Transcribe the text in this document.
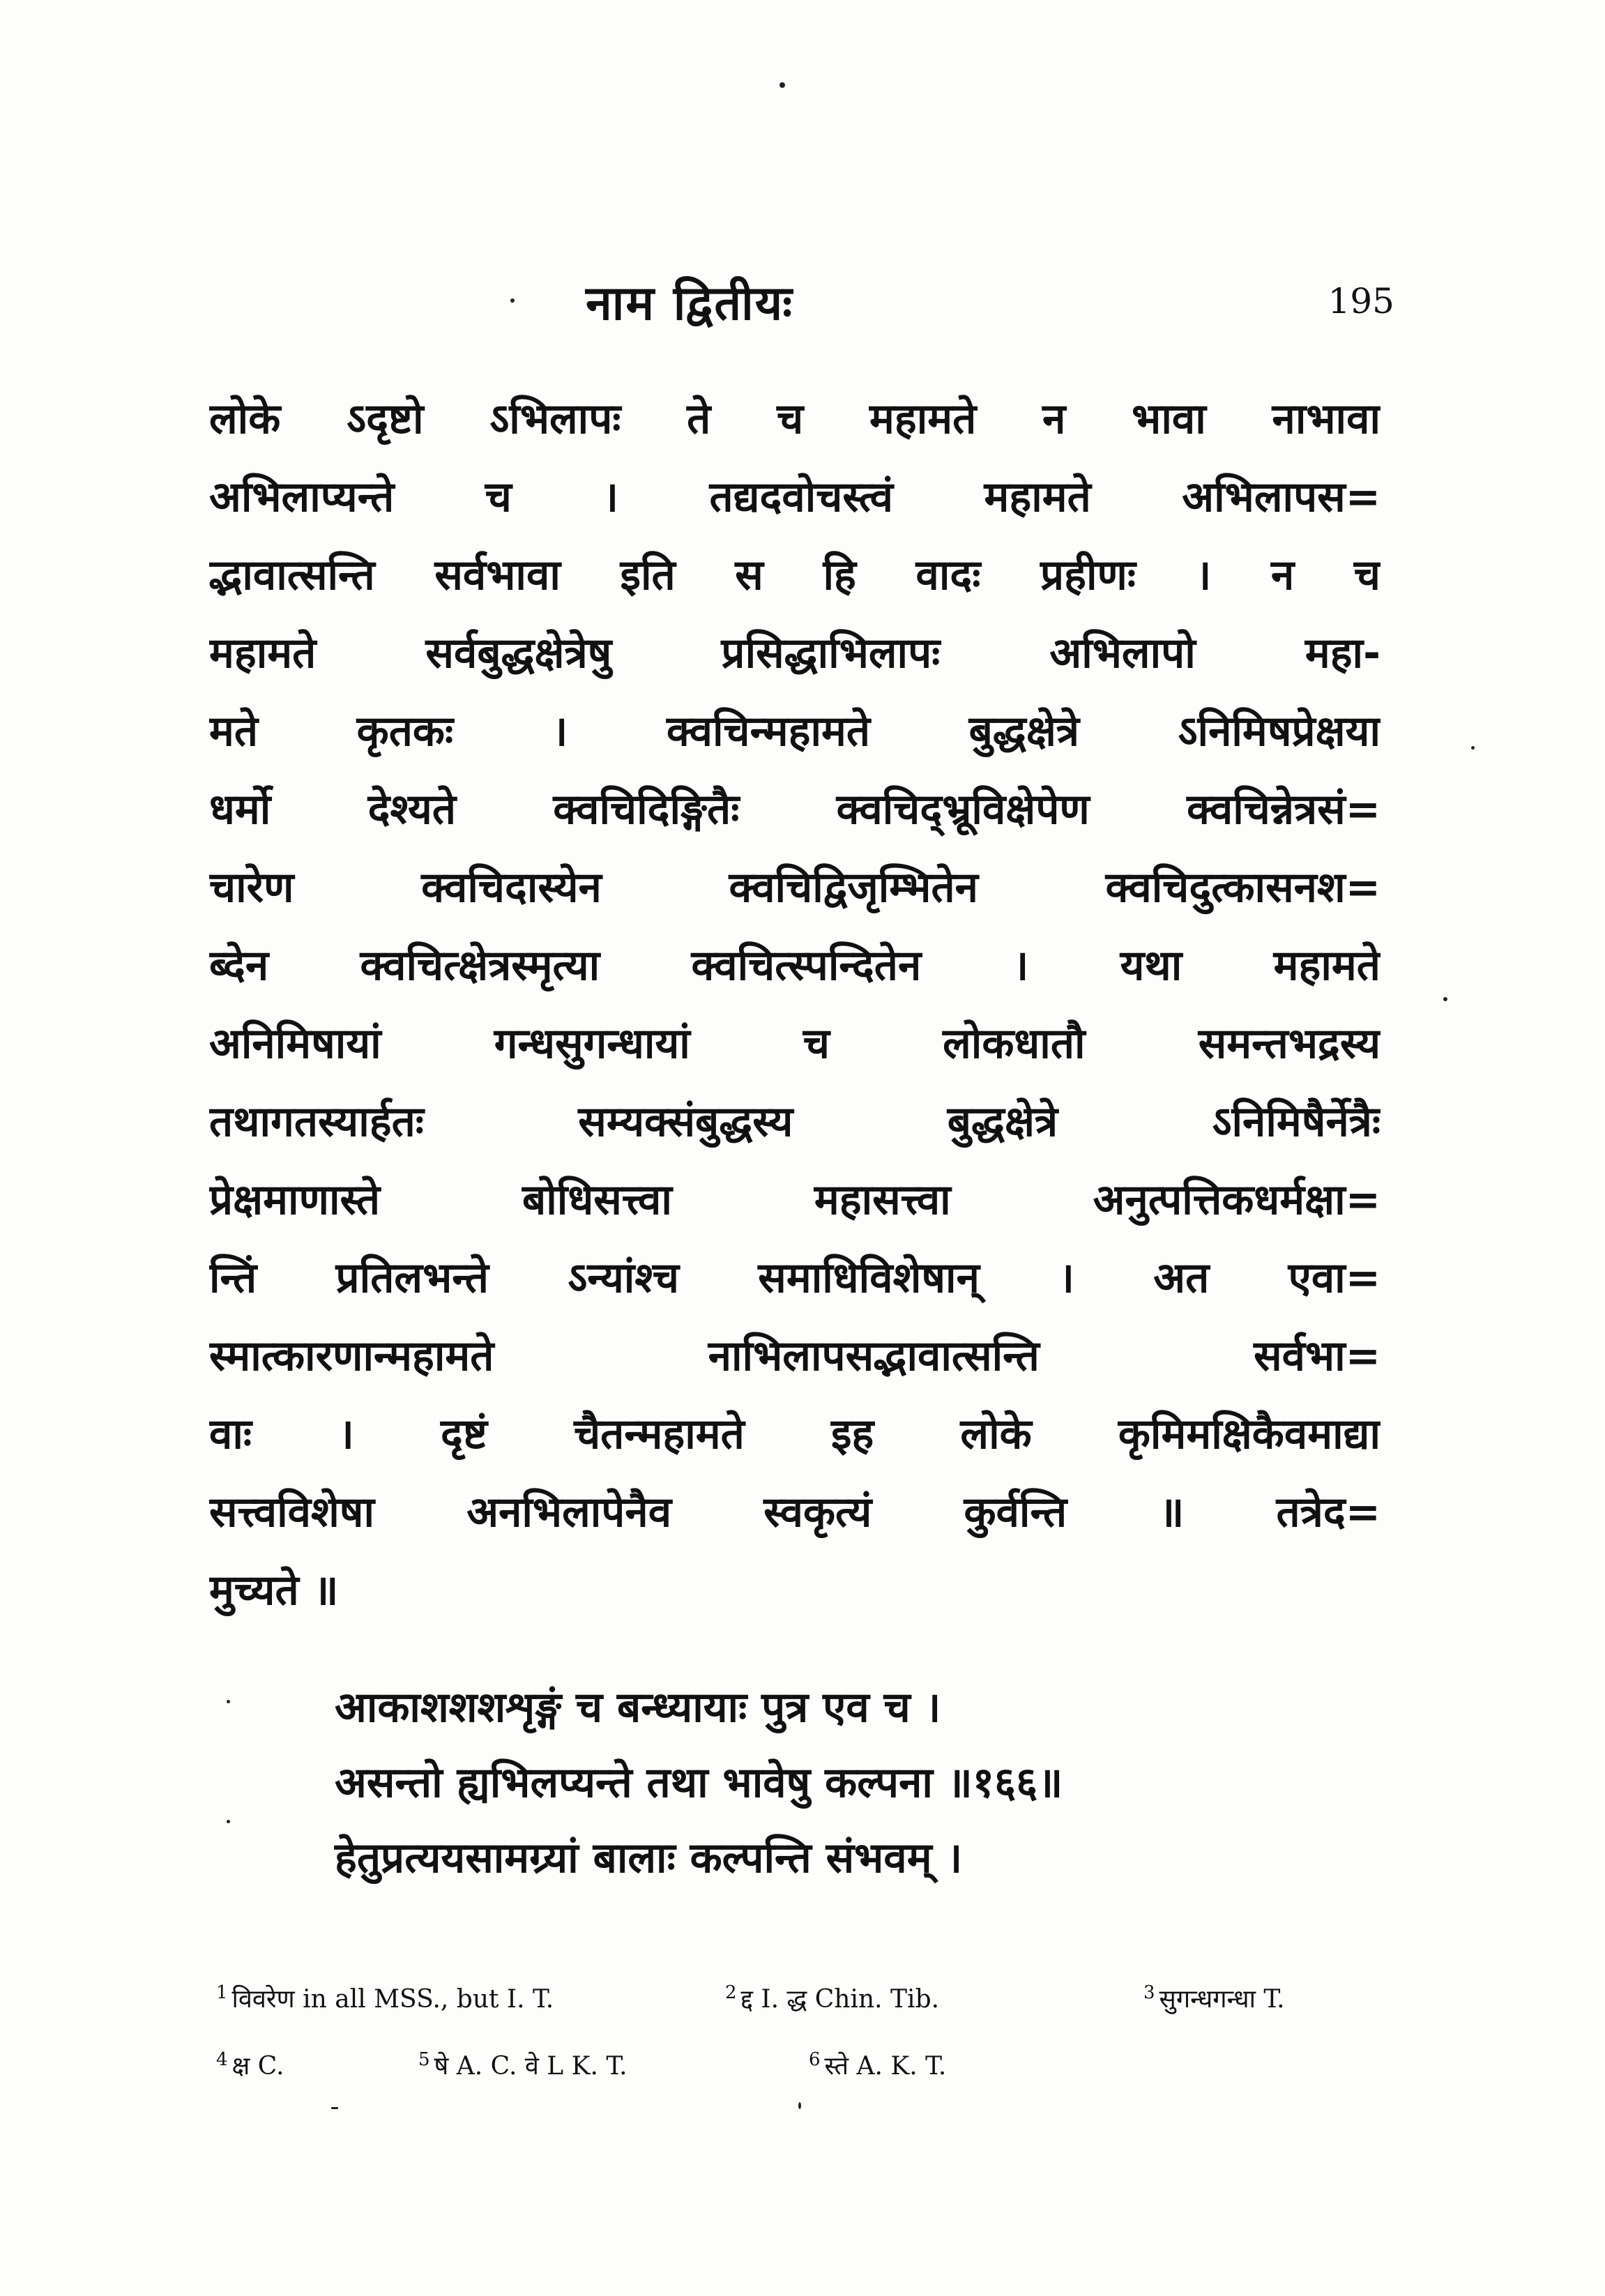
नाम द्वितीयः	195
लोके ऽदृष्टो ऽभिलापः ते च महामते न भावा नाभावा
अभिलाप्यन्ते च । तद्यदवोचस्त्वं महामते अभिलापस=
द्भावात्सन्ति सर्वभावा इति स हि वादः प्रहीणः । न च
महामते सर्वबुद्धक्षेत्रेषु प्रसिद्धाभिलापः अभिलापो महा-
मते कृतकः । क्वचिन्महामते बुद्धक्षेत्रे ऽनिमिषप्रेक्षया
धर्मो देश्यते क्वचिदिङ्गितैः क्वचिद्भ्रूविक्षेपेण क्वचिन्नेत्रसं=
चारेण क्वचिदास्येन क्वचिद्विजृम्भितेन क्वचिदुत्कासनश=
ब्देन क्वचित्क्षेत्रस्मृत्या क्वचित्स्पन्दितेन । यथा महामते
अनिमिषायां गन्धसुगन्धायां च लोकधातौ समन्तभद्रस्य
तथागतस्यार्हतः सम्यक्संबुद्धस्य बुद्धक्षेत्रे ऽनिमिषैर्नेत्रैः
प्रेक्षमाणास्ते बोधिसत्त्वा महासत्त्वा अनुत्पत्तिकधर्मक्षा=
न्तिं प्रतिलभन्ते ऽन्यांश्च समाधिविशेषान् । अत एवा=
स्मात्कारणान्महामते नाभिलापसद्भावात्सन्ति सर्वभा=
वाः । दृष्टं चैतन्महामते इह लोके कृमिमक्षिकैवमाद्या
सत्त्वविशेषा अनभिलापेनैव स्वकृत्यं कुर्वन्ति ॥ तत्रेद=
मुच्यते ॥
आकाशशशशृङ्गं च बन्ध्यायाः पुत्र एव च ।
असन्तो ह्यभिलप्यन्ते तथा भावेषु कल्पना ॥१६६॥
हेतुप्रत्ययसामग्र्यां बालाः कल्पन्ति संभवम् ।
$^1$ विवरेण in all MSS., but I. T.	$^2$ द्द I. द्ध Chin. Tib.	$^3$ सुगन्धगन्धा T.
$^4$ क्ष C.	$^5$ षे A. C. वे L K. T.	$^6$ स्ते A. K. T.
